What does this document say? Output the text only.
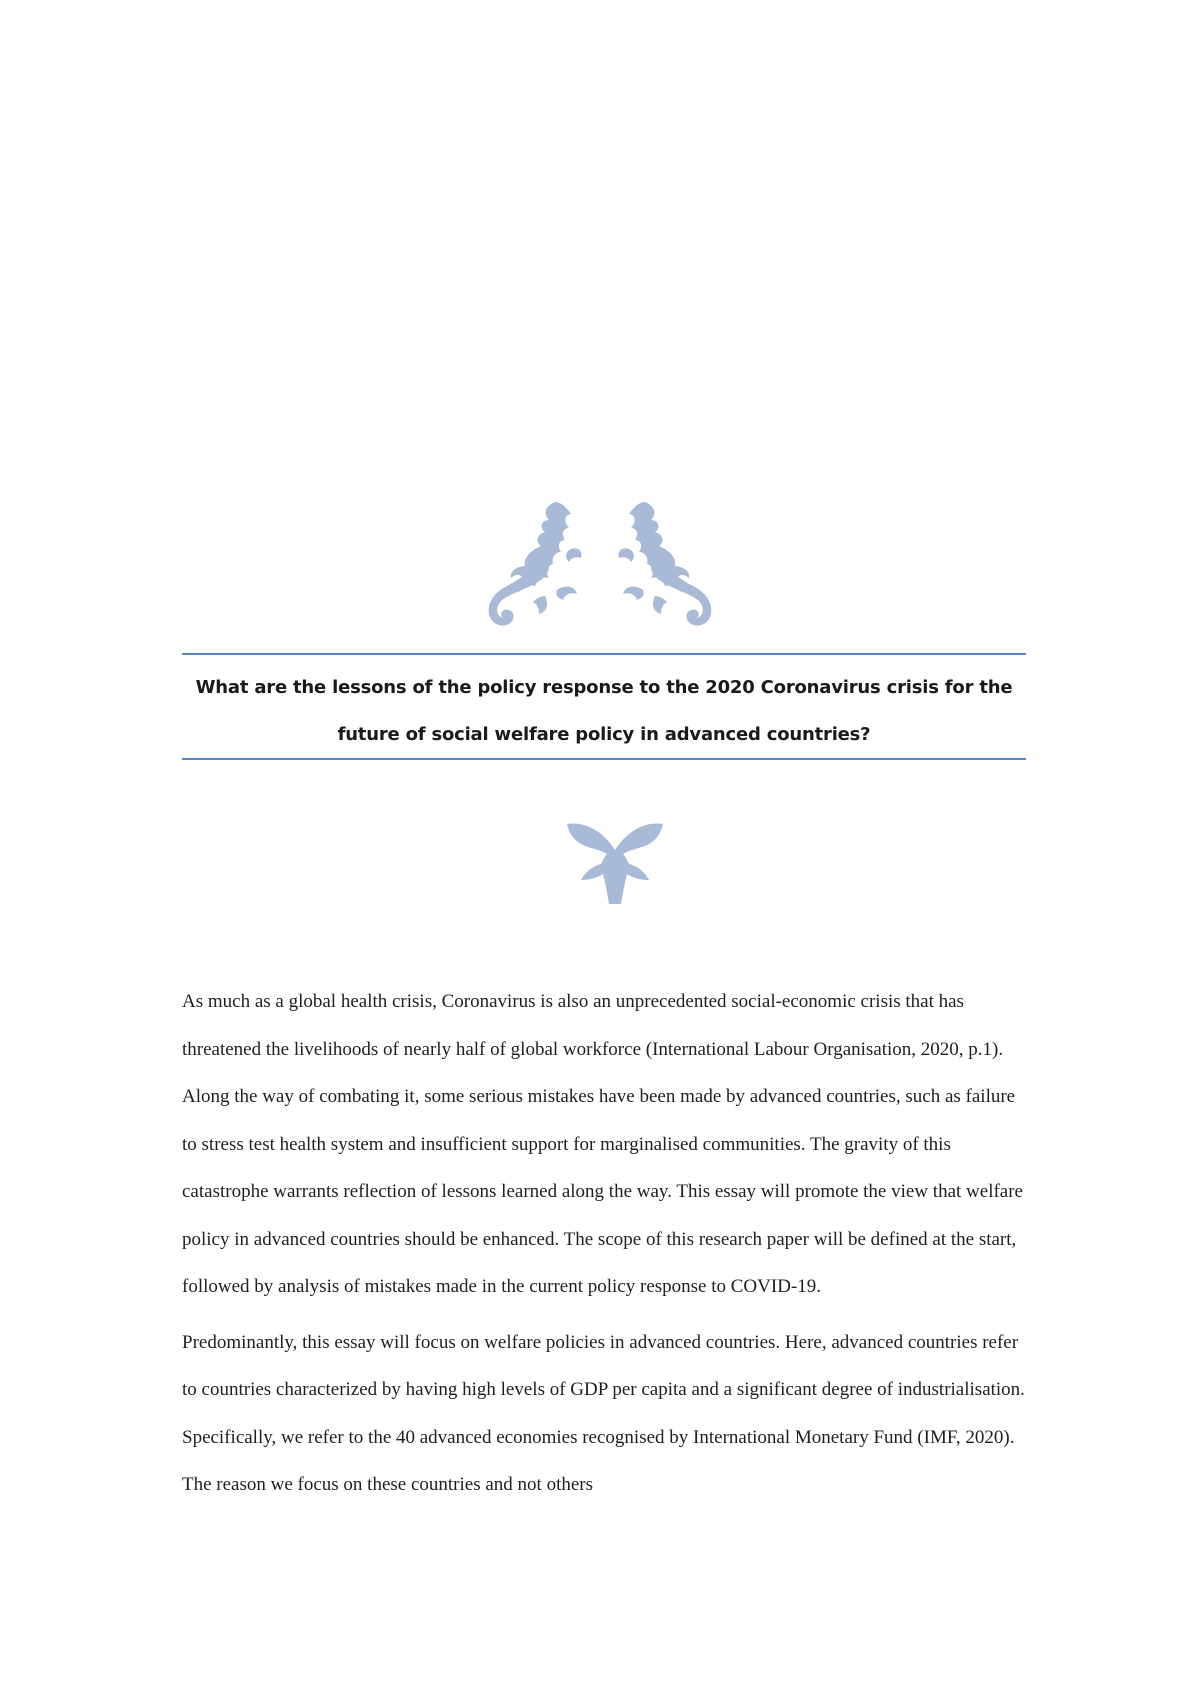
What are the lessons of the policy response to the 2020 Coronavirus crisis for the future of social welfare policy in advanced countries?

As much as a global health crisis, Coronavirus is also an unprecedented social-economic crisis that has threatened the livelihoods of nearly half of global workforce (International Labour Organisation, 2020, p.1). Along the way of combating it, some serious mistakes have been made by advanced countries, such as failure to stress test health system and insufficient support for marginalised communities. The gravity of this catastrophe warrants reflection of lessons learned along the way. This essay will promote the view that welfare policy in advanced countries should be enhanced. The scope of this research paper will be defined at the start, followed by analysis of mistakes made in the current policy response to COVID-19.

Predominantly, this essay will focus on welfare policies in advanced countries. Here, advanced countries refer to countries characterized by having high levels of GDP per capita and a significant degree of industrialisation. Specifically, we refer to the 40 advanced economies recognised by International Monetary Fund (IMF, 2020). The reason we focus on these countries and not others
